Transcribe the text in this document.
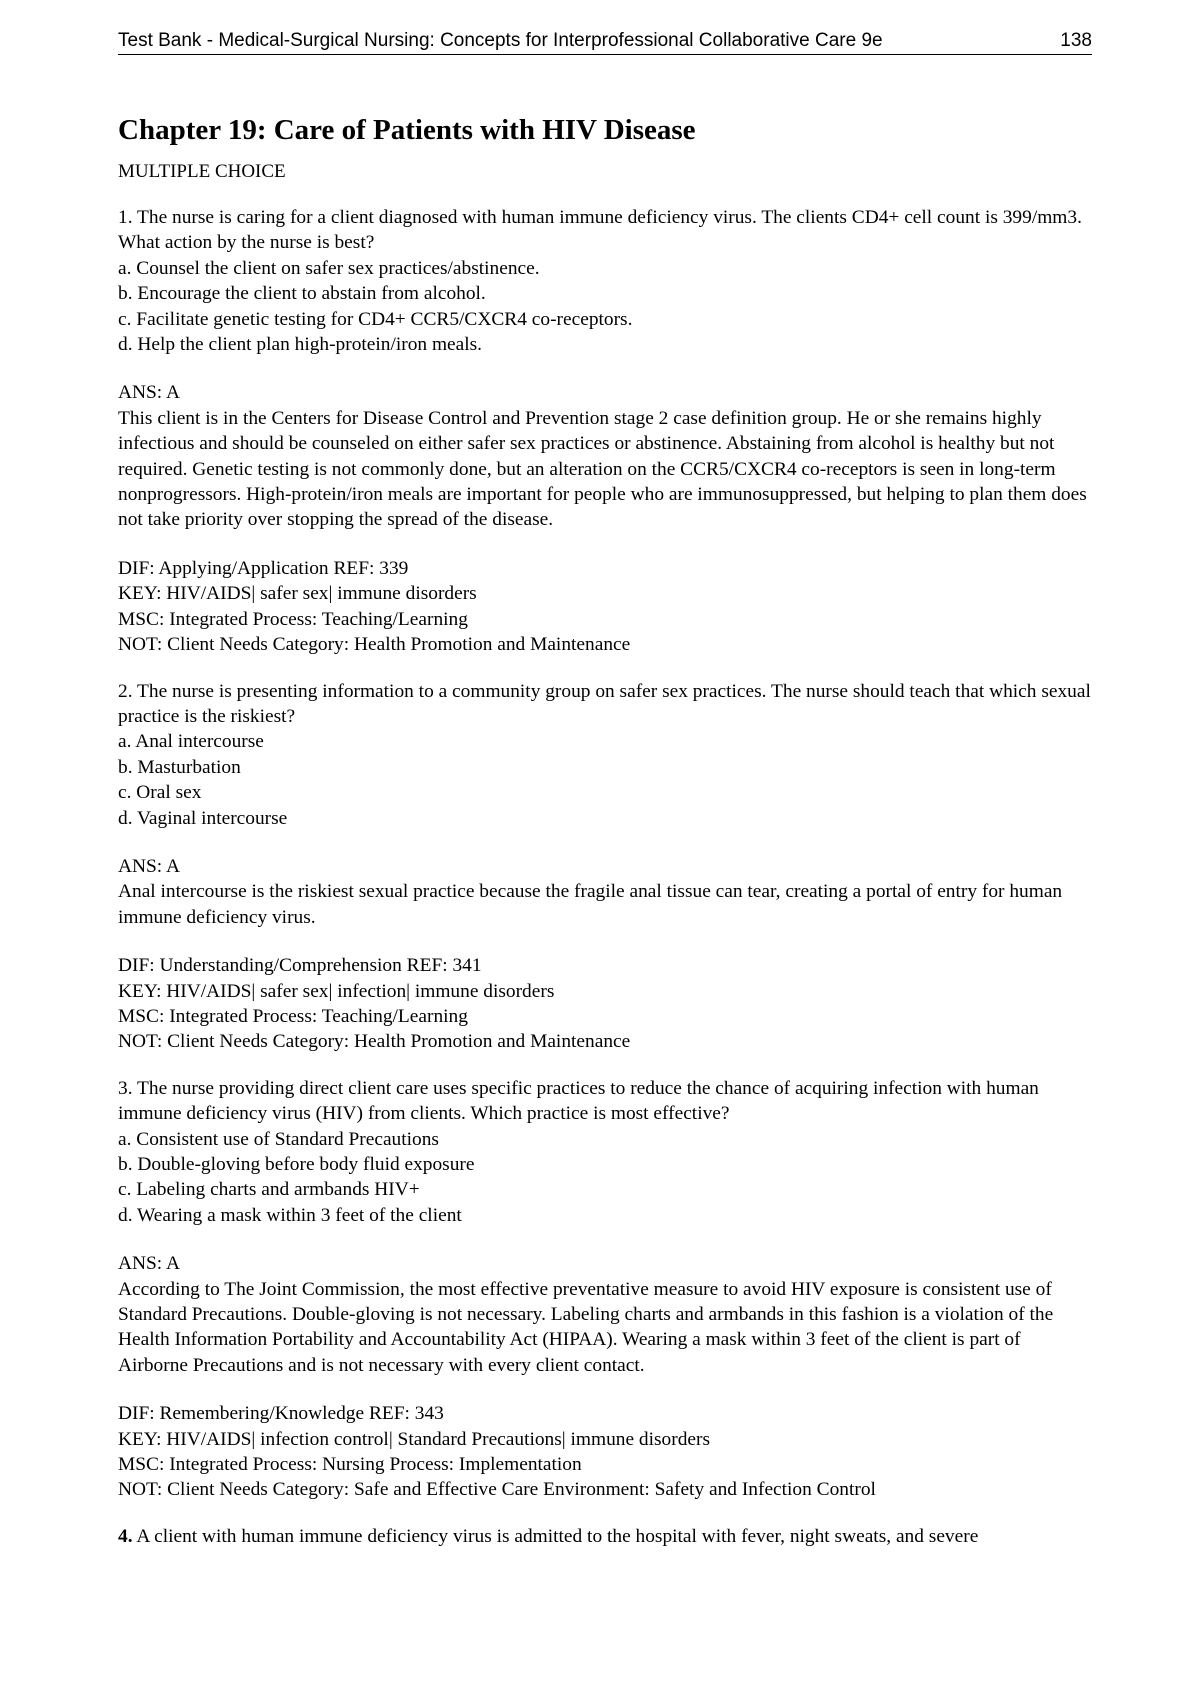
Test Bank - Medical-Surgical Nursing: Concepts for Interprofessional Collaborative Care 9e	138
Chapter 19: Care of Patients with HIV Disease
MULTIPLE CHOICE

1. The nurse is caring for a client diagnosed with human immune deficiency virus. The clients CD4+ cell count is 399/mm3. What action by the nurse is best?

a. Counsel the client on safer sex practices/abstinence.
b. Encourage the client to abstain from alcohol.
c. Facilitate genetic testing for CD4+ CCR5/CXCR4 co-receptors.
d. Help the client plan high-protein/iron meals.
ANS: A
This client is in the Centers for Disease Control and Prevention stage 2 case definition group. He or she remains highly infectious and should be counseled on either safer sex practices or abstinence. Abstaining from alcohol is healthy but not required. Genetic testing is not commonly done, but an alteration on the CCR5/CXCR4 co-receptors is seen in long-term nonprogressors. High-protein/iron meals are important for people who are immunosuppressed, but helping to plan them does not take priority over stopping the spread of the disease.
DIF: Applying/Application REF: 339
KEY: HIV/AIDS| safer sex| immune disorders
MSC: Integrated Process: Teaching/Learning
NOT: Client Needs Category: Health Promotion and Maintenance

2. The nurse is presenting information to a community group on safer sex practices. The nurse should teach that which sexual practice is the riskiest?

a. Anal intercourse
b. Masturbation
c. Oral sex
d. Vaginal intercourse
ANS: A
Anal intercourse is the riskiest sexual practice because the fragile anal tissue can tear, creating a portal of entry for human immune deficiency virus.
DIF: Understanding/Comprehension REF: 341
KEY: HIV/AIDS| safer sex| infection| immune disorders
MSC: Integrated Process: Teaching/Learning
NOT: Client Needs Category: Health Promotion and Maintenance

3. The nurse providing direct client care uses specific practices to reduce the chance of acquiring infection with human immune deficiency virus (HIV) from clients. Which practice is most effective?

a. Consistent use of Standard Precautions
b. Double-gloving before body fluid exposure
c. Labeling charts and armbands HIV+
d. Wearing a mask within 3 feet of the client
ANS: A
According to The Joint Commission, the most effective preventative measure to avoid HIV exposure is consistent use of Standard Precautions. Double-gloving is not necessary. Labeling charts and armbands in this fashion is a violation of the Health Information Portability and Accountability Act (HIPAA). Wearing a mask within 3 feet of the client is part of Airborne Precautions and is not necessary with every client contact.
DIF: Remembering/Knowledge REF: 343
KEY: HIV/AIDS| infection control| Standard Precautions| immune disorders
MSC: Integrated Process: Nursing Process: Implementation
NOT: Client Needs Category: Safe and Effective Care Environment: Safety and Infection Control

4. A client with human immune deficiency virus is admitted to the hospital with fever, night sweats, and severe
